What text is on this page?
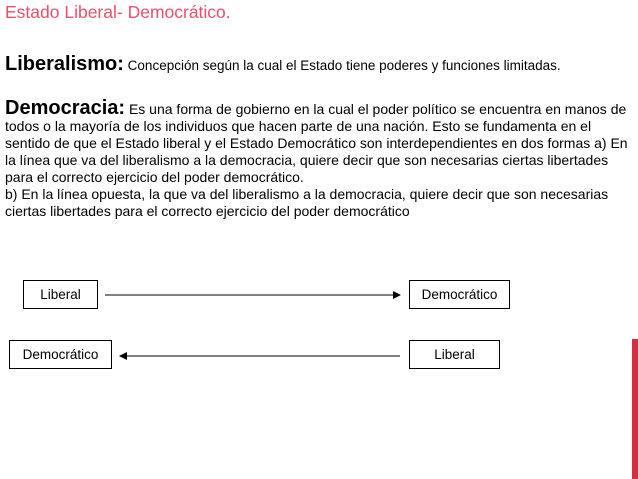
Estado Liberal- Democrático.
Liberalismo: Concepción según la cual el Estado tiene poderes y funciones limitadas.
Democracia: Es una forma de gobierno en la cual el poder político se encuentra en manos de todos o la mayoría de los individuos que hacen parte de una nación. Esto se fundamenta en el sentido de que el Estado liberal y el Estado Democrático son interdependientes en dos formas a) En la línea que va del liberalismo a la democracia, quiere decir que son necesarias ciertas libertades para el correcto ejercicio del poder democrático.
b) En la línea opuesta, la que va del liberalismo a la democracia, quiere decir que son necesarias ciertas libertades para el correcto ejercicio del poder democrático
Liberal	Democrático
Democrático	Liberal
